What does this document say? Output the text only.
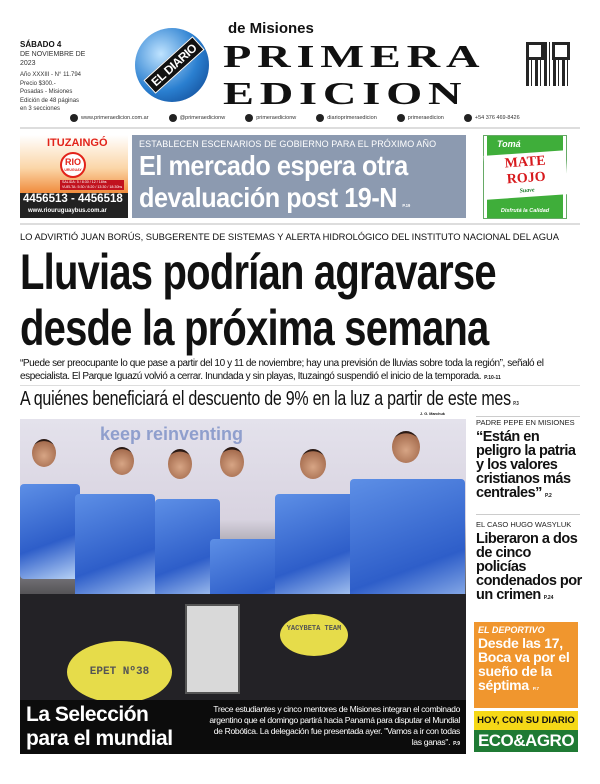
SÁBADO 4
DE NOVIEMBRE DE 2023
Año XXXIII - N° 11.794
Precio $300.-
Posadas - Misiones
Edición de 48 páginas
en 3 secciones
EL DIARIO
de Misiones
PRIMERA
EDICION
www.primeraedicion.com.ar	@primeraedicionw	primeraedicionw	diarioprimeraedicion	primeraedicion	+54 376 469-8426
ITUZAINGÓ
RIO
URUGUAY
SALIDA: 5 / 8:30 / 12 / 18hs
VUELTA: 5:30 / 8:20 / 13:30 / 18:30hs
4456513 - 4456518
www.riouruguaybus.com.ar
ESTABLECEN ESCENARIOS DE GOBIERNO PARA EL PRÓXIMO AÑO
El mercado espera otra
devaluación post 19-N P.19
Tomá
MATE
ROJO
Suave
Disfrutá la Calidad
LO ADVIRTIÓ JUAN BORÚS, SUBGERENTE DE SISTEMAS Y ALERTA HIDROLÓGICO DEL INSTITUTO NACIONAL DEL AGUA
Lluvias podrían agravarse
desde la próxima semana
“Puede ser preocupante lo que pase a partir del 10 y 11 de noviembre; hay una previsión de lluvias sobre toda la región”, señaló el especialista. El Parque Iguazú volvió a cerrar. Inundada y sin playas, Ituzaingó suspendió el inicio de la temporada. P.10-11
A quiénes beneficiará el descuento de 9% en la luz a partir de este mes P.3
J. G. Marchuk
keep reinventing
EPET Nº38
YACYBETA TEAM
La Selección
para el mundial
Trece estudiantes y cinco mentores de Misiones integran el combinado argentino que el domingo partirá hacia Panamá para disputar el Mundial de Robótica. La delegación fue presentada ayer. "Vamos a ir con todas las ganas". P.9
PADRE PEPE EN MISIONES
“Están en peligro la patria y los valores cristianos más centrales” P.2
EL CASO HUGO WASYLUK
Liberaron a dos de cinco policías condenados por un crimen P.24
EL DEPORTIVO
Desde las 17, Boca va por el sueño de la séptima P.7
HOY, CON SU DIARIO
ECO&AGRO
